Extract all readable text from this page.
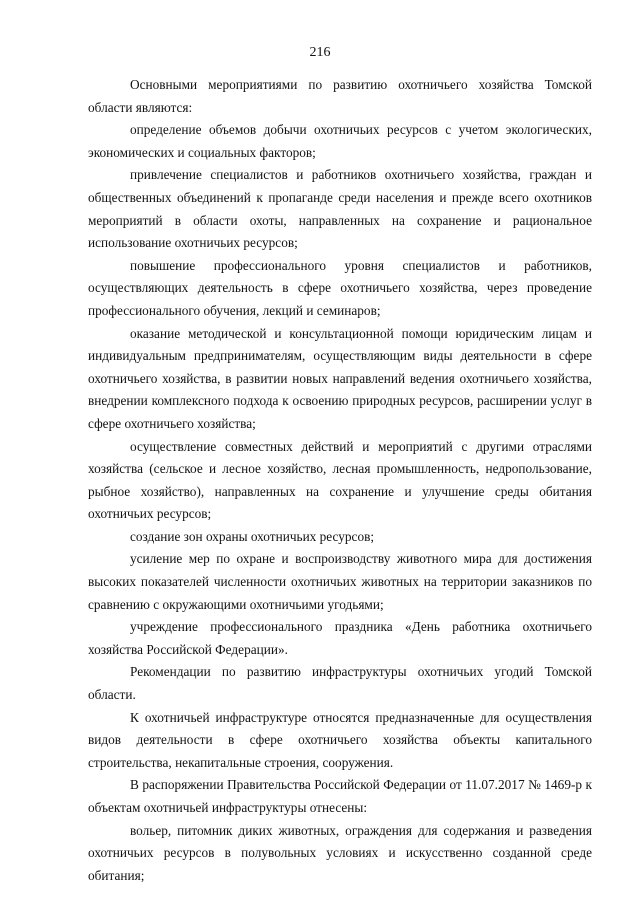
216

Основными мероприятиями по развитию охотничьего хозяйства Томской области являются:

определение объемов добычи охотничьих ресурсов с учетом экологических, экономических и социальных факторов;

привлечение специалистов и работников охотничьего хозяйства, граждан и общественных объединений к пропаганде среди населения и прежде всего охотников мероприятий в области охоты, направленных на сохранение и рациональное использование охотничьих ресурсов;

повышение профессионального уровня специалистов и работников, осуществляющих деятельность в сфере охотничьего хозяйства, через проведение профессионального обучения, лекций и семинаров;

оказание методической и консультационной помощи юридическим лицам и индивидуальным предпринимателям, осуществляющим виды деятельности в сфере охотничьего хозяйства, в развитии новых направлений ведения охотничьего хозяйства, внедрении комплексного подхода к освоению природных ресурсов, расширении услуг в сфере охотничьего хозяйства;

осуществление совместных действий и мероприятий с другими отраслями хозяйства (сельское и лесное хозяйство, лесная промышленность, недропользование, рыбное хозяйство), направленных на сохранение и улучшение среды обитания охотничьих ресурсов;

создание зон охраны охотничьих ресурсов;

усиление мер по охране и воспроизводству животного мира для достижения высоких показателей численности охотничьих животных на территории заказников по сравнению с окружающими охотничьими угодьями;

учреждение профессионального праздника «День работника охотничьего хозяйства Российской Федерации».

Рекомендации по развитию инфраструктуры охотничьих угодий Томской области.

К охотничьей инфраструктуре относятся предназначенные для осуществления видов деятельности в сфере охотничьего хозяйства объекты капитального строительства, некапитальные строения, сооружения.

В распоряжении Правительства Российской Федерации от 11.07.2017 № 1469-р к объектам охотничьей инфраструктуры отнесены:

вольер, питомник диких животных, ограждения для содержания и разведения охотничьих ресурсов в полувольных условиях и искусственно созданной среде обитания;
